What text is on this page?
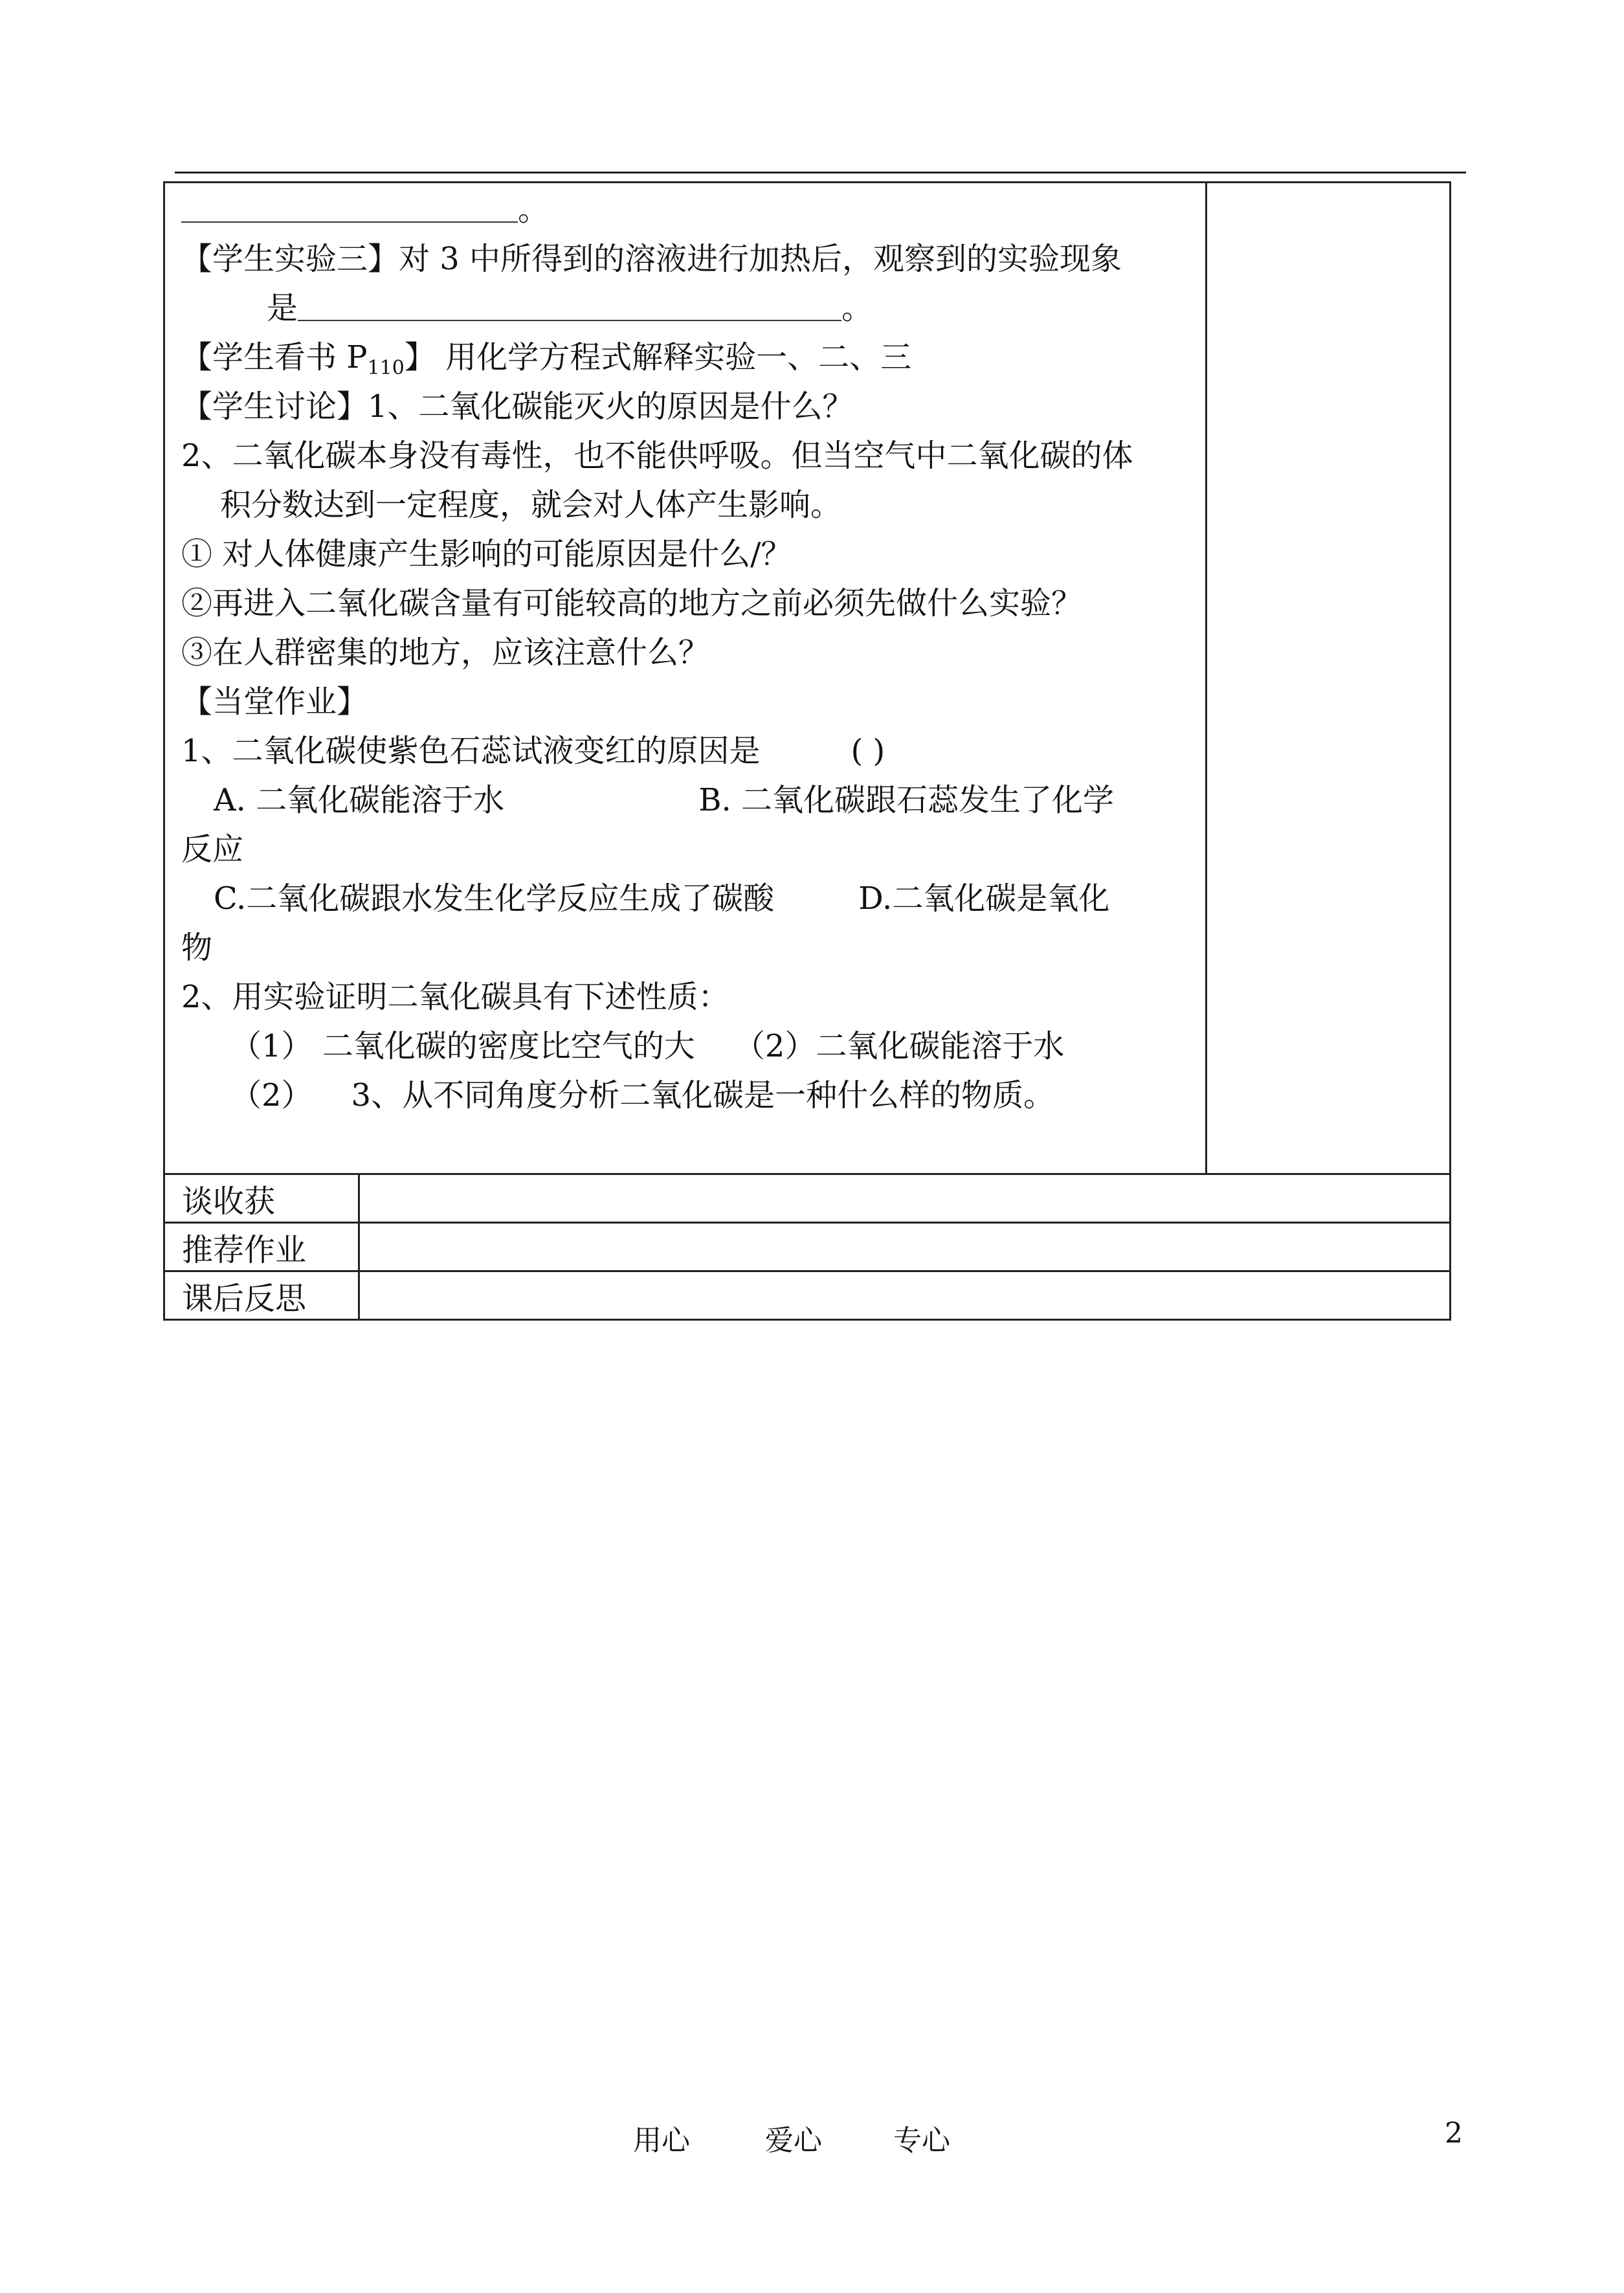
。
【学生实验三】对 3 中所得到的溶液进行加热后，观察到的实验现象
是	。
【学生看书 $P_{110}$】 用化学方程式解释实验一、二、三
【学生讨论】1、二氧化碳能灭火的原因是什么？
2、二氧化碳本身没有毒性，也不能供呼吸。但当空气中二氧化碳的体
积分数达到一定程度，就会对人体产生影响。
① 对人体健康产生影响的可能原因是什么/？
②再进入二氧化碳含量有可能较高的地方之前必须先做什么实验？
③在人群密集的地方，应该注意什么？
【当堂作业】
1、二氧化碳使紫色石蕊试液变红的原因是	( )
A. 二氧化碳能溶于水	B. 二氧化碳跟石蕊发生了化学
反应
C.二氧化碳跟水发生化学反应生成了碳酸	D.二氧化碳是氧化
物
2、用实验证明二氧化碳具有下述性质：
（1） 二氧化碳的密度比空气的大 （2）二氧化碳能溶于水
（2） 3、从不同角度分析二氧化碳是一种什么样的物质。
谈收获	
推荐作业	
课后反思	
用心	爱心	专心	2
